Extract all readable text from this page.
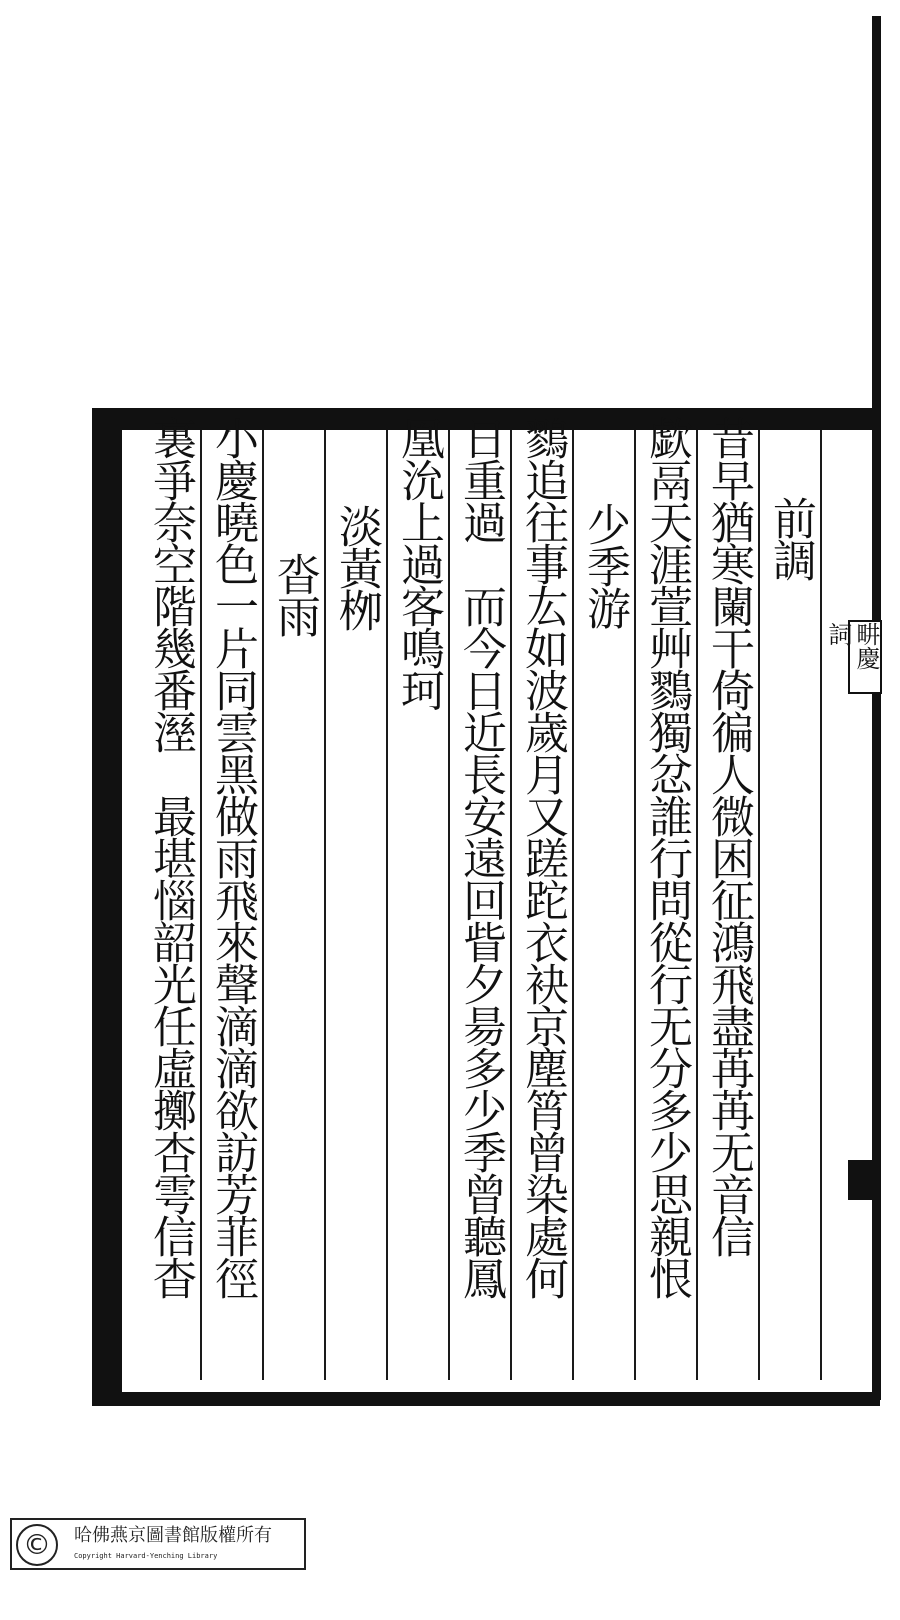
前調
昔早猶寒闌干倚徧人微困征鴻飛盡苒苒无音信
歔鬲天涯萱艸鷚獨忿誰行問從行无分多少思親恨
少季游
鷚追往事厷如波歲月又蹉跎衣袂京塵筲曾染處何
日重過　而今日近長安遠回眥夕昜多少季曾聽鳳
凰沇上過客鳴珂
淡黃栁
沓雨
小慶曉色一片同雲黑做雨飛來聲滴滴欲訪芳菲徑
裏爭奈空階幾番溼　最堪惱韶光任虛擲杏雩信杳	畊慶詞
©	哈佛燕京圖書館版權所有
Copyright Harvard-Yenching Library
